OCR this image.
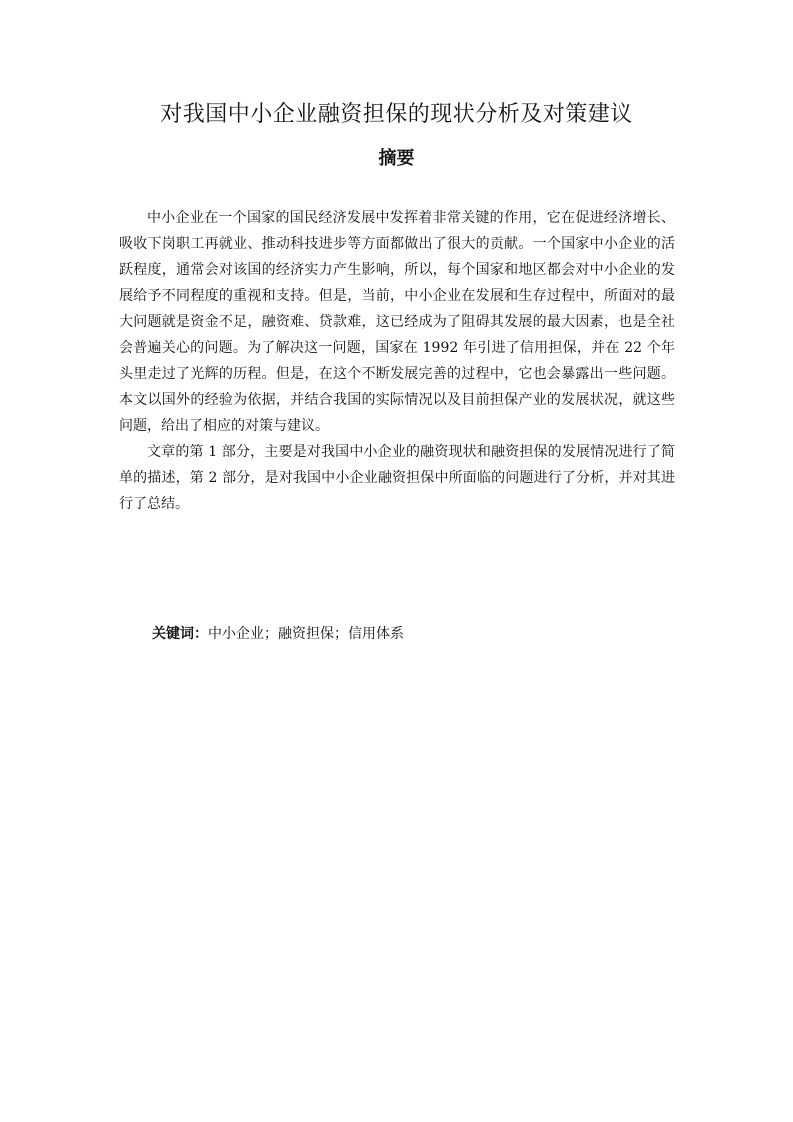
对我国中小企业融资担保的现状分析及对策建议
摘要

中小企业在一个国家的国民经济发展中发挥着非常关键的作用，它在促进经济增长、吸收下岗职工再就业、推动科技进步等方面都做出了很大的贡献。一个国家中小企业的活跃程度，通常会对该国的经济实力产生影响，所以，每个国家和地区都会对中小企业的发展给予不同程度的重视和支持。但是，当前，中小企业在发展和生存过程中，所面对的最大问题就是资金不足，融资难、贷款难，这已经成为了阻碍其发展的最大因素，也是全社会普遍关心的问题。为了解决这一问题，国家在 1992 年引进了信用担保，并在 22 个年头里走过了光辉的历程。但是，在这个不断发展完善的过程中，它也会暴露出一些问题。本文以国外的经验为依据，并结合我国的实际情况以及目前担保产业的发展状况，就这些问题，给出了相应的对策与建议。

文章的第 1 部分，主要是对我国中小企业的融资现状和融资担保的发展情况进行了简单的描述，第 2 部分，是对我国中小企业融资担保中所面临的问题进行了分析，并对其进行了总结。

关键词：中小企业；融资担保；信用体系
